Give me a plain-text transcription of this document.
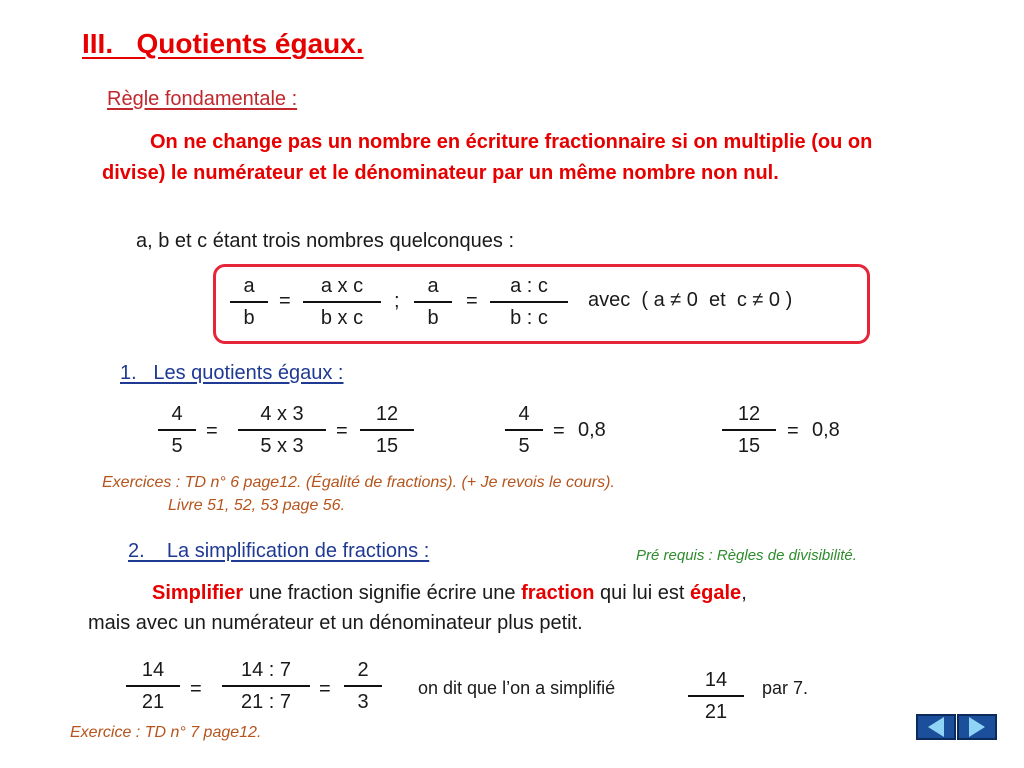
III.   Quotients égaux.
Règle fondamentale :
On ne change pas un nombre en écriture fractionnaire si on multiplie (ou on divise) le numérateur et le dénominateur par un même nombre non nul.
a, b et c étant trois nombres quelconques :
a
b
=
a x c
b x c
;
a
b
=
a : c
b : c
avec  ( a ≠ 0  et  c ≠ 0 )
1.   Les quotients égaux :
4
5
=
4 x 3
5 x 3
=
12
15
4
5
= 0,8
12
15
= 0,8
Exercices : TD n° 6 page12. (Égalité de fractions). (+ Je revois le cours).
Livre 51, 52, 53 page 56.
2.    La simplification de fractions :	Pré requis : Règles de divisibilité.
Simplifier une fraction signifie écrire une fraction qui lui est égale,
mais avec un numérateur et un dénominateur plus petit.
14
21
=
14 : 7
21 : 7
=
2
3
on dit que l’on a simplifié	14
21
par 7.
Exercice : TD n° 7 page12.
